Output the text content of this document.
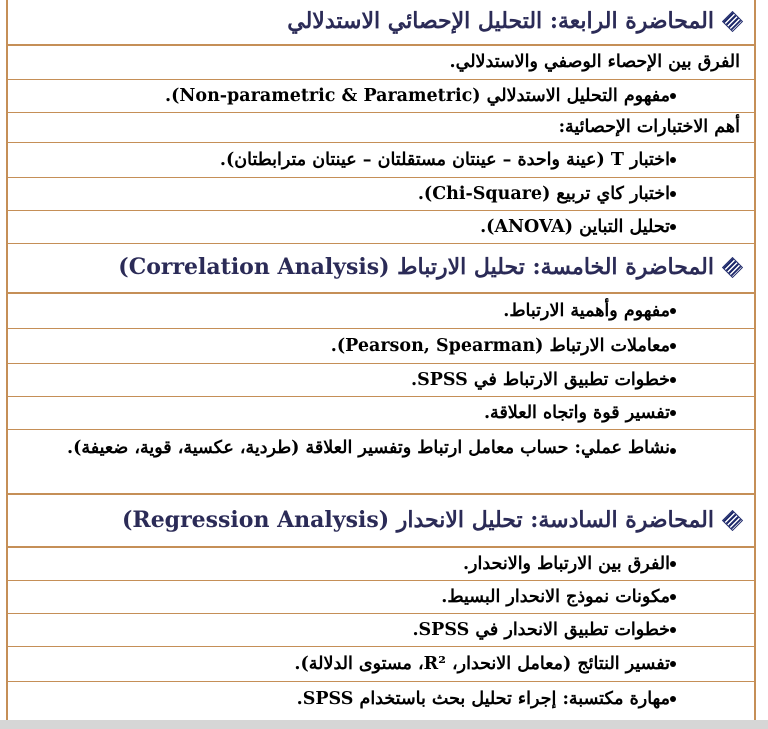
المحاضرة الرابعة: التحليل الإحصائي الاستدلالي
الفرق بين الإحصاء الوصفي والاستدلالي.
مفهوم التحليل الاستدلالي (Non-parametric & Parametric).
أهم الاختبارات الإحصائية:
اختبار T (عينة واحدة – عينتان مستقلتان – عينتان مترابطتان).
اختبار كاي تربيع (Chi-Square).
تحليل التباين (ANOVA).
المحاضرة الخامسة: تحليل الارتباط (Correlation Analysis)
مفهوم وأهمية الارتباط.
معاملات الارتباط (Pearson, Spearman).
خطوات تطبيق الارتباط في SPSS.
تفسير قوة واتجاه العلاقة.
نشاط عملي: حساب معامل ارتباط وتفسير العلاقة (طردية، عكسية، قوية، ضعيفة).
المحاضرة السادسة: تحليل الانحدار (Regression Analysis)
الفرق بين الارتباط والانحدار.
مكونات نموذج الانحدار البسيط.
خطوات تطبيق الانحدار في SPSS.
تفسير النتائج (معامل الانحدار، R²، مستوى الدلالة).
مهارة مكتسبة: إجراء تحليل بحث باستخدام SPSS.
